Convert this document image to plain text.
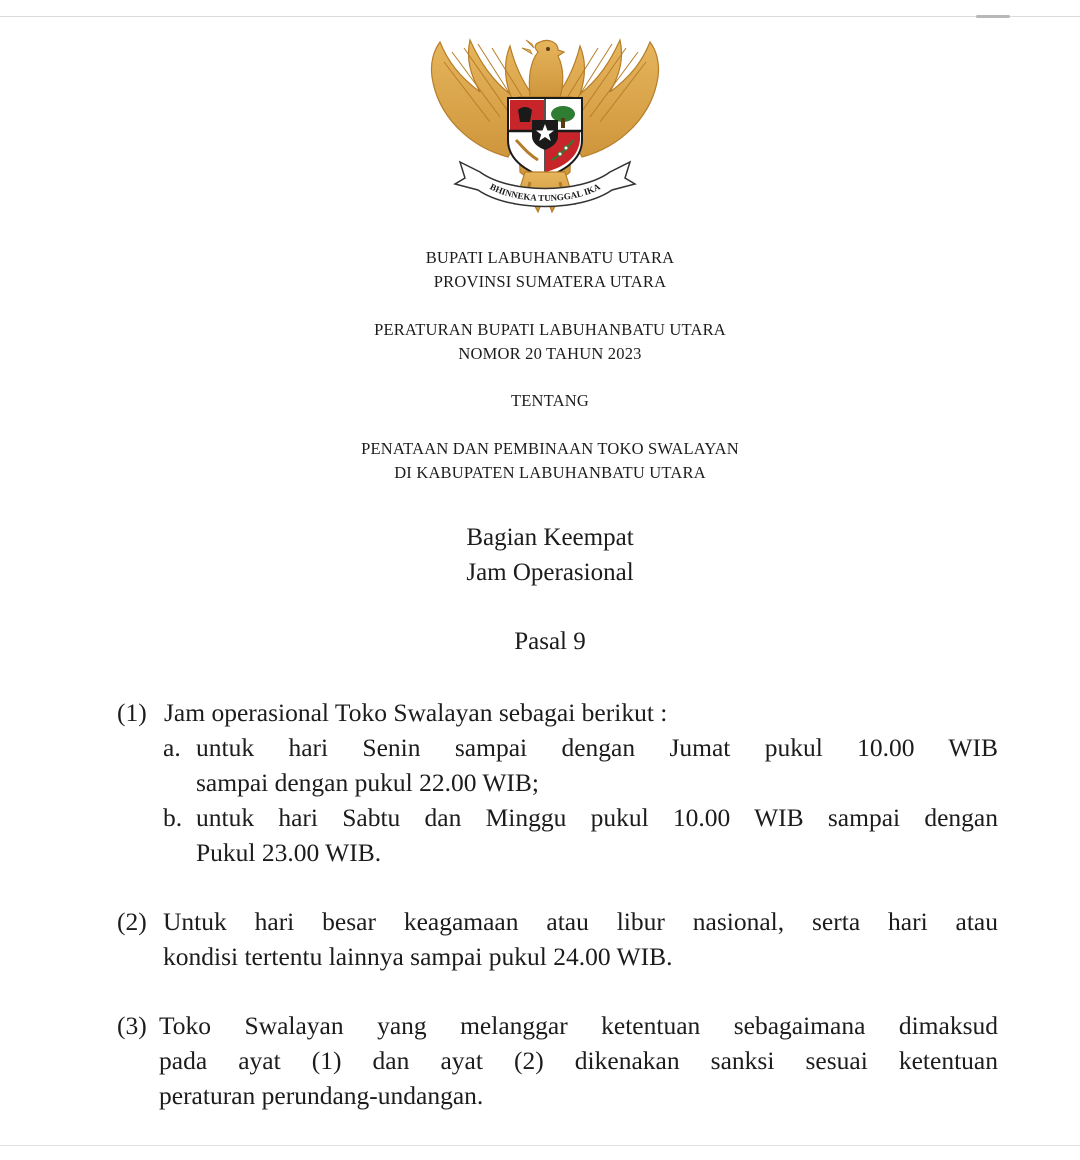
BHINNEKA TUNGGAL IKA
BUPATI LABUHANBATU UTARA
PROVINSI SUMATERA UTARA
PERATURAN BUPATI LABUHANBATU UTARA
NOMOR 20 TAHUN 2023
TENTANG
PENATAAN DAN PEMBINAAN TOKO SWALAYAN
DI KABUPATEN LABUHANBATU UTARA
Bagian Keempat
Jam Operasional
Pasal 9
(1) Jam operasional Toko Swalayan sebagai berikut :
a. untuk hari Senin sampai dengan Jumat pukul 10.00 WIB
sampai dengan pukul 22.00 WIB;
b. untuk hari Sabtu dan Minggu pukul 10.00 WIB sampai dengan
Pukul 23.00 WIB.
(2) Untuk hari besar keagamaan atau libur nasional, serta hari atau
kondisi tertentu lainnya sampai pukul 24.00 WIB.
(3) Toko Swalayan yang melanggar ketentuan sebagaimana dimaksud
pada ayat (1) dan ayat (2) dikenakan sanksi sesuai ketentuan
peraturan perundang-undangan.
